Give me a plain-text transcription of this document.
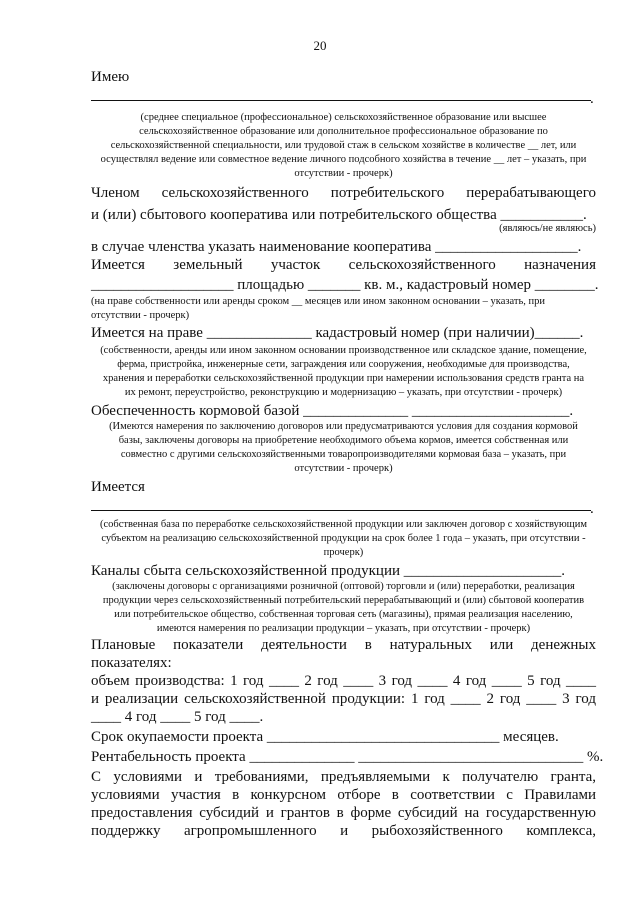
20
Имею
.
(среднее специальное (профессиональное) сельскохозяйственное образование или высшее
сельскохозяйственное образование или дополнительное профессиональное образование по
сельскохозяйственной специальности, или трудовой стаж в сельском хозяйстве в количестве __ лет, или
осуществлял ведение или совместное ведение личного подсобного хозяйства в течение __ лет – указать, при
отсутствии - прочерк)
Членом сельскохозяйственного потребительского перерабатывающего
и (или) сбытового кооператива или потребительского общества ___________.
(являюсь/не являюсь)
в случае членства указать наименование кооператива ___________________.
Имеется земельный участок сельскохозяйственного назначения
___________________ площадью _______ кв. м., кадастровый номер ________.
(на праве собственности или аренды сроком __ месяцев или ином законном основании – указать, при
отсутствии - прочерк)
Имеется на праве ______________ кадастровый номер (при наличии)______.
(собственности, аренды или ином законном основании производственное или складское здание, помещение,
ферма, пристройка, инженерные сети, заграждения или сооружения, необходимые для производства,
хранения и переработки сельскохозяйственной продукции при намерении использования средств гранта на
их ремонт, переустройство, реконструкцию и модернизацию – указать, при отсутствии - прочерк)
Обеспеченность кормовой базой ______________ _____________________.
(Имеются намерения по заключению договоров или предусматриваются условия для создания кормовой
базы, заключены договоры на приобретение необходимого объема кормов, имеется собственная или
совместно с другими сельскохозяйственными товаропроизводителями кормовая база – указать, при
отсутствии - прочерк)
Имеется
.
(собственная база по переработке сельскохозяйственной продукции или заключен договор с хозяйствующим
субъектом на реализацию сельскохозяйственной продукции на срок более 1 года – указать, при отсутствии -
прочерк)
Каналы сбыта сельскохозяйственной продукции _____________________.
(заключены договоры с организациями розничной (оптовой) торговли и (или) переработки, реализация
продукции через сельскохозяйственный потребительский перерабатывающий и (или) сбытовой кооператив
или потребительское общество, собственная торговая сеть (магазины), прямая реализация населению,
имеются намерения по реализации продукции – указать, при отсутствии - прочерк)
Плановые показатели деятельности в натуральных или денежных
показателях:
объем производства: 1 год ____ 2 год ____ 3 год ____ 4 год ____ 5 год ____
и реализации сельскохозяйственной продукции: 1 год ____ 2 год ____ 3 год
____ 4 год ____ 5 год ____.
Срок окупаемости проекта _______________________________ месяцев.
Рентабельность проекта ______________ ______________________________ %.
С условиями и требованиями, предъявляемыми к получателю гранта,
условиями участия в конкурсном отборе в соответствии с Правилами
предоставления субсидий и грантов в форме субсидий на государственную
поддержку агропромышленного и рыбохозяйственного комплекса,
